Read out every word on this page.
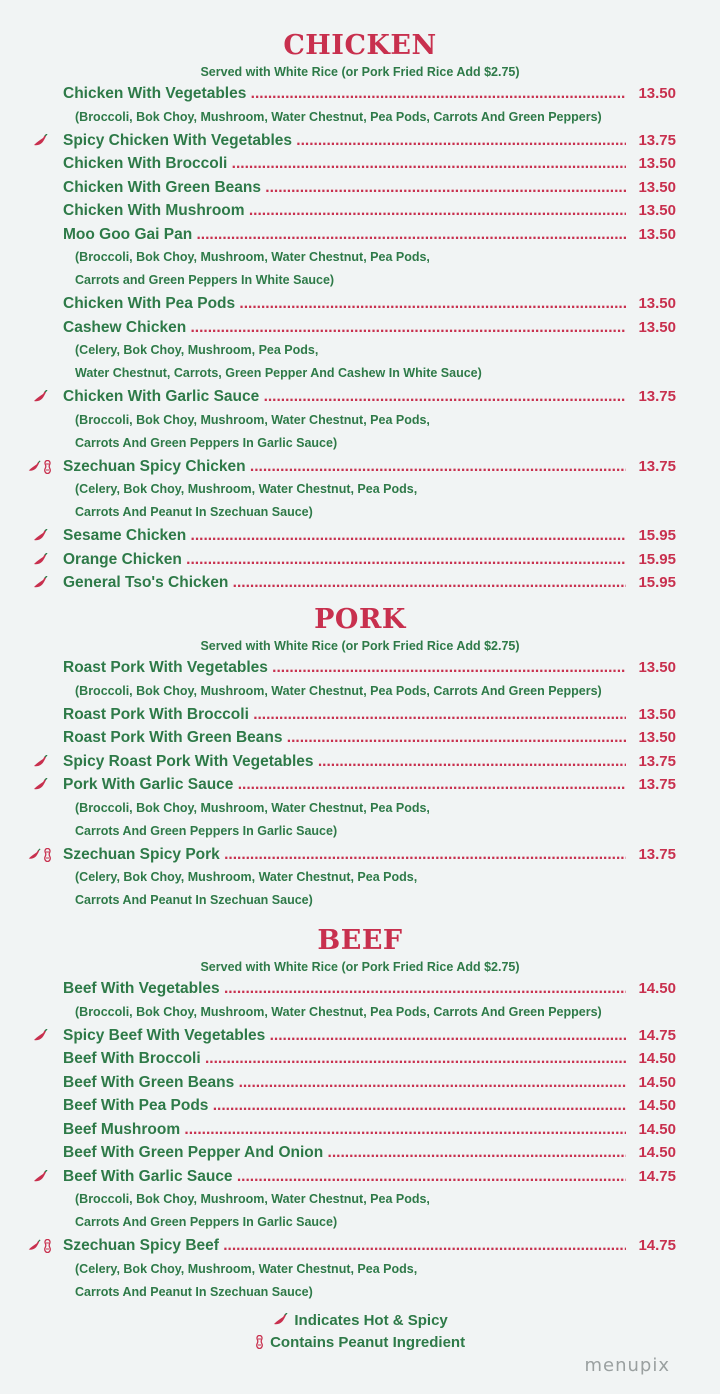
CHICKEN
Served with White Rice (or Pork Fried Rice Add $2.75)
Chicken With Vegetables .....	13.50
(Broccoli, Bok Choy, Mushroom, Water Chestnut, Pea Pods, Carrots And Green Peppers)
Spicy Chicken With Vegetables .....	13.75
Chicken With Broccoli .....	13.50
Chicken With Green Beans .....	13.50
Chicken With Mushroom .....	13.50
Moo Goo Gai Pan .....	13.50
(Broccoli, Bok Choy, Mushroom, Water Chestnut, Pea Pods,
Carrots and Green Peppers In White Sauce)
Chicken With Pea Pods .....	13.50
Cashew Chicken .....	13.50
(Celery, Bok Choy, Mushroom, Pea Pods,
Water Chestnut, Carrots, Green Pepper And Cashew In White Sauce)
Chicken With Garlic Sauce .....	13.75
(Broccoli, Bok Choy, Mushroom, Water Chestnut, Pea Pods,
Carrots And Green Peppers In Garlic Sauce)
Szechuan Spicy Chicken .....	13.75
(Celery, Bok Choy, Mushroom, Water Chestnut, Pea Pods,
Carrots And Peanut In Szechuan Sauce)
Sesame Chicken .....	15.95
Orange Chicken .....	15.95
General Tso's Chicken .....	15.95
PORK
Served with White Rice (or Pork Fried Rice Add $2.75)
Roast Pork With Vegetables .....	13.50
(Broccoli, Bok Choy, Mushroom, Water Chestnut, Pea Pods, Carrots And Green Peppers)
Roast Pork With Broccoli .....	13.50
Roast Pork With Green Beans .....	13.50
Spicy Roast Pork With Vegetables .....	13.75
Pork With Garlic Sauce .....	13.75
(Broccoli, Bok Choy, Mushroom, Water Chestnut, Pea Pods,
Carrots And Green Peppers In Garlic Sauce)
Szechuan Spicy Pork .....	13.75
(Celery, Bok Choy, Mushroom, Water Chestnut, Pea Pods,
Carrots And Peanut In Szechuan Sauce)
BEEF
Served with White Rice (or Pork Fried Rice Add $2.75)
Beef With Vegetables .....	14.50
(Broccoli, Bok Choy, Mushroom, Water Chestnut, Pea Pods, Carrots And Green Peppers)
Spicy Beef With Vegetables .....	14.75
Beef With Broccoli .....	14.50
Beef With Green Beans .....	14.50
Beef With Pea Pods .....	14.50
Beef Mushroom .....	14.50
Beef With Green Pepper And Onion .....	14.50
Beef With Garlic Sauce .....	14.75
(Broccoli, Bok Choy, Mushroom, Water Chestnut, Pea Pods,
Carrots And Green Peppers In Garlic Sauce)
Szechuan Spicy Beef .....	14.75
(Celery, Bok Choy, Mushroom, Water Chestnut, Pea Pods,
Carrots And Peanut In Szechuan Sauce)
Indicates Hot & Spicy
Contains Peanut Ingredient
menupix
